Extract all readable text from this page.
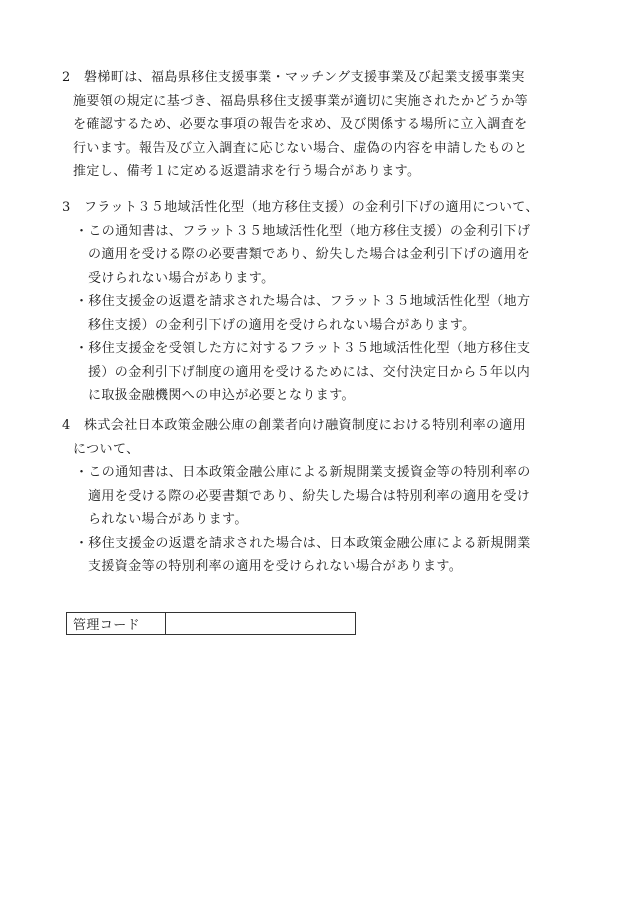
2 磐梯町は、福島県移住支援事業・マッチング支援事業及び起業支援事業実
施要領の規定に基づき、福島県移住支援事業が適切に実施されたかどうか等
を確認するため、必要な事項の報告を求め、及び関係する場所に立入調査を
行います。報告及び立入調査に応じない場合、虚偽の内容を申請したものと
推定し、備考１に定める返還請求を行う場合があります。
3 フラット３５地域活性化型（地方移住支援）の金利引下げの適用について、
・この通知書は、フラット３５地域活性化型（地方移住支援）の金利引下げ
の適用を受ける際の必要書類であり、紛失した場合は金利引下げの適用を
受けられない場合があります。
・移住支援金の返還を請求された場合は、フラット３５地域活性化型（地方
移住支援）の金利引下げの適用を受けられない場合があります。
・移住支援金を受領した方に対するフラット３５地域活性化型（地方移住支
援）の金利引下げ制度の適用を受けるためには、交付決定日から５年以内
に取扱金融機関への申込が必要となります。
4 株式会社日本政策金融公庫の創業者向け融資制度における特別利率の適用
について、
・この通知書は、日本政策金融公庫による新規開業支援資金等の特別利率の
適用を受ける際の必要書類であり、紛失した場合は特別利率の適用を受け
られない場合があります。
・移住支援金の返還を請求された場合は、日本政策金融公庫による新規開業
支援資金等の特別利率の適用を受けられない場合があります。
管理コード	
